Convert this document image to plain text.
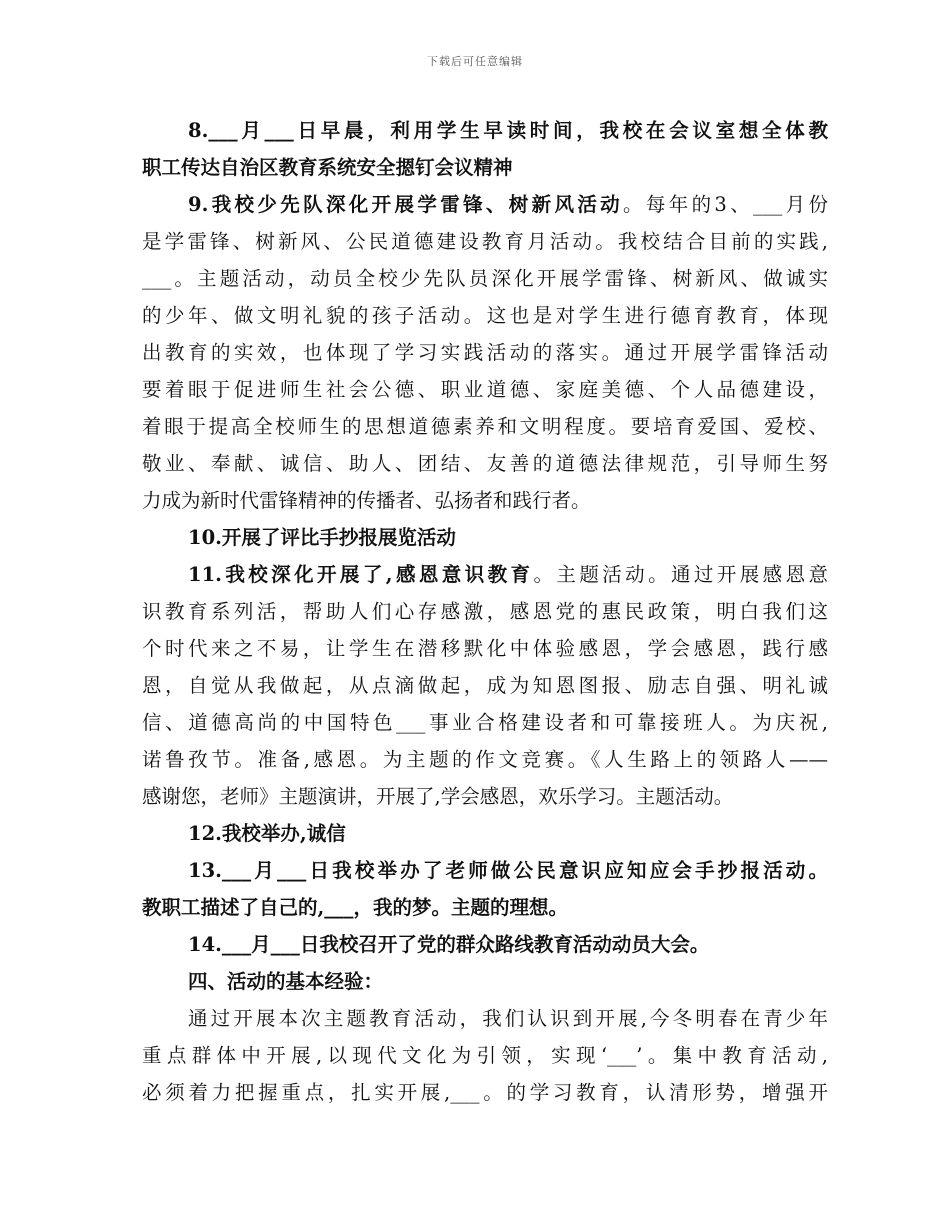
下载后可任意编辑
8.___月___日早晨，利用学生早读时间，我校在会议室想全体教
职工传达自治区教育系统安全摁钉会议精神
9.我校少先队深化开展学雷锋、树新风活动。每年的3、___月份
是学雷锋、树新风、公民道德建设教育月活动。我校结合目前的实践,
___。主题活动，动员全校少先队员深化开展学雷锋、树新风、做诚实
的少年、做文明礼貌的孩子活动。这也是对学生进行德育教育，体现
出教育的实效，也体现了学习实践活动的落实。通过开展学雷锋活动
要着眼于促进师生社会公德、职业道德、家庭美德、个人品德建设，
着眼于提高全校师生的思想道德素养和文明程度。要培育爱国、爱校、
敬业、奉献、诚信、助人、团结、友善的道德法律规范，引导师生努
力成为新时代雷锋精神的传播者、弘扬者和践行者。
10.开展了评比手抄报展览活动
11.我校深化开展了,感恩意识教育。主题活动。通过开展感恩意
识教育系列活，帮助人们心存感激，感恩党的惠民政策，明白我们这
个时代来之不易，让学生在潜移默化中体验感恩，学会感恩，践行感
恩，自觉从我做起，从点滴做起，成为知恩图报、励志自强、明礼诚
信、道德高尚的中国特色___事业合格建设者和可靠接班人。为庆祝,
诺鲁孜节。准备,感恩。为主题的作文竞赛。《人生路上的领路人——
感谢您，老师》主题演讲，开展了,学会感恩，欢乐学习。主题活动。
12.我校举办,诚信
13.___月___日我校举办了老师做公民意识应知应会手抄报活动。
教职工描述了自己的,___，我的梦。主题的理想。
14.___月___日我校召开了党的群众路线教育活动动员大会。
四、活动的基本经验：
通过开展本次主题教育活动，我们认识到开展,今冬明春在青少年
重点群体中开展,以现代文化为引领，实现‘___’。集中教育活动,
必须着力把握重点，扎实开展,___。的学习教育，认清形势，增强开
